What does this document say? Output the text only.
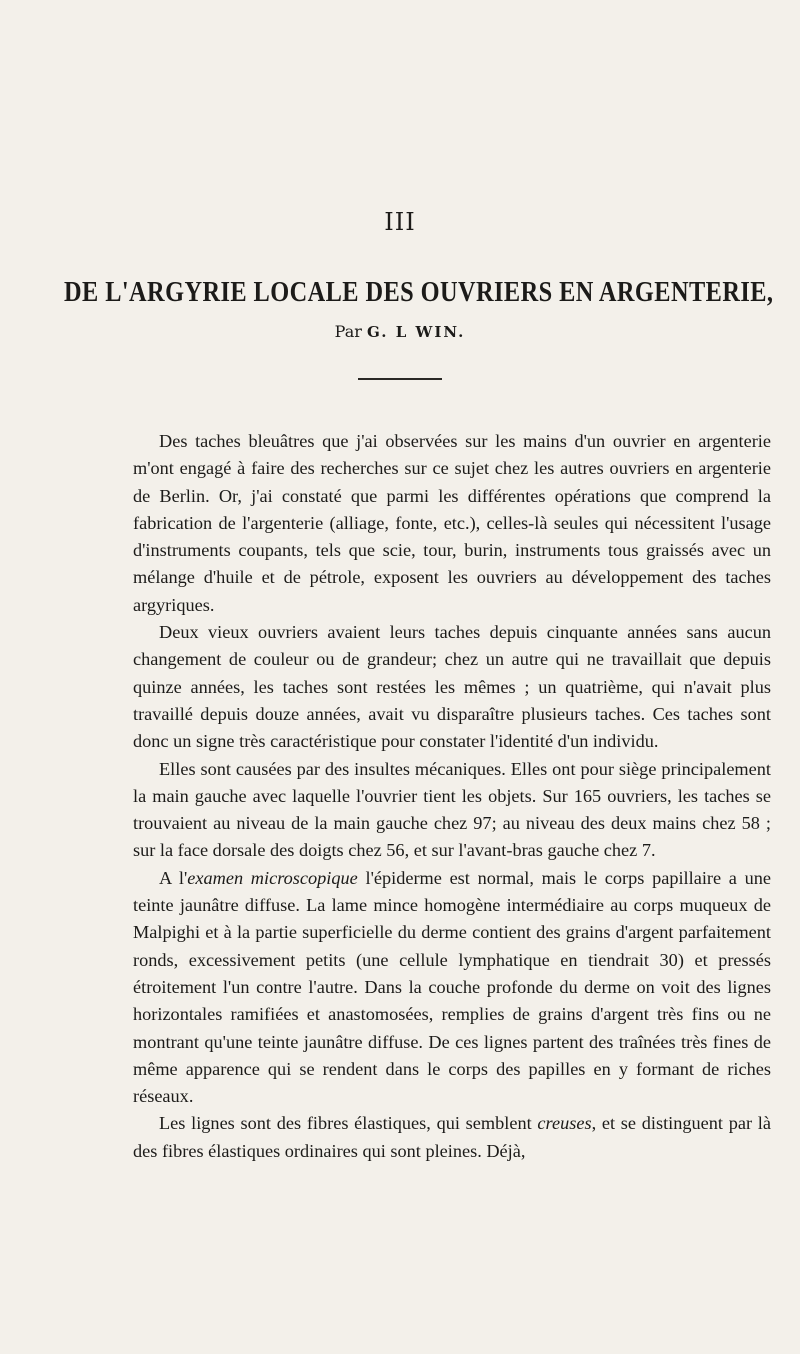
III
DE L'ARGYRIE LOCALE DES OUVRIERS EN ARGENTERIE,
Par G. L WIN.

Des taches bleuâtres que j'ai observées sur les mains d'un ouvrier en argenterie m'ont engagé à faire des recherches sur ce sujet chez les autres ouvriers en argenterie de Berlin. Or, j'ai constaté que parmi les différentes opérations que comprend la fabrication de l'argenterie (alliage, fonte, etc.), celles-là seules qui nécessitent l'usage d'instruments coupants, tels que scie, tour, burin, instruments tous graissés avec un mélange d'huile et de pétrole, exposent les ouvriers au développement des taches argyriques.

Deux vieux ouvriers avaient leurs taches depuis cinquante années sans aucun changement de couleur ou de grandeur; chez un autre qui ne travaillait que depuis quinze années, les taches sont restées les mêmes ; un quatrième, qui n'avait plus travaillé depuis douze années, avait vu disparaître plusieurs taches. Ces taches sont donc un signe très caractéristique pour constater l'identité d'un individu.

Elles sont causées par des insultes mécaniques. Elles ont pour siège principalement la main gauche avec laquelle l'ouvrier tient les objets. Sur 165 ouvriers, les taches se trouvaient au niveau de la main gauche chez 97; au niveau des deux mains chez 58 ; sur la face dorsale des doigts chez 56, et sur l'avant-bras gauche chez 7.

A l'examen microscopique l'épiderme est normal, mais le corps papillaire a une teinte jaunâtre diffuse. La lame mince homogène intermédiaire au corps muqueux de Malpighi et à la partie superficielle du derme contient des grains d'argent parfaitement ronds, excessivement petits (une cellule lymphatique en tiendrait 30) et pressés étroitement l'un contre l'autre. Dans la couche profonde du derme on voit des lignes horizontales ramifiées et anastomosées, remplies de grains d'argent très fins ou ne montrant qu'une teinte jaunâtre diffuse. De ces lignes partent des traînées très fines de même apparence qui se rendent dans le corps des papilles en y formant de riches réseaux.

Les lignes sont des fibres élastiques, qui semblent creuses, et se distinguent par là des fibres élastiques ordinaires qui sont pleines. Déjà,
